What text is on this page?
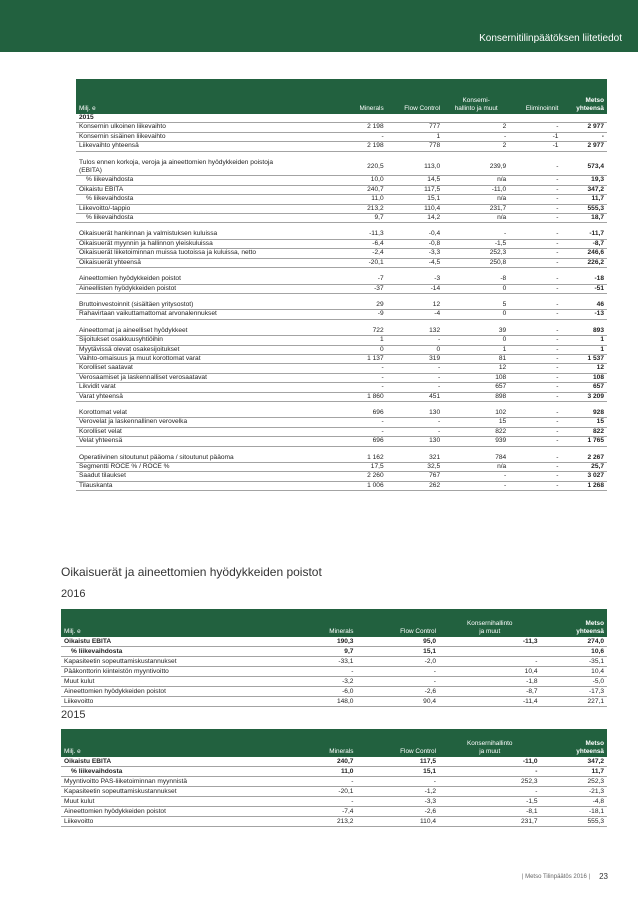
Konsernitilinpäätöksen liitetiedot
Milj. e	Minerals	Flow Control	Konserni-
hallinto ja muut	Eliminoinnit	Metso
yhteensä
2015					
Konsernin ulkoinen liikevaihto	2 198	777	2	-	2 977
Konsernin sisäinen liikevaihto	-	1	-	-1	-
Liikevaihto yhteensä	2 198	778	2	-1	2 977

Tulos ennen korkoja, veroja ja aineettomien hyödykkeiden poistoja
(EBITA)	220,5	113,0	239,9	-	573,4
% liikevaihdosta	10,0	14,5	n/a	-	19,3
Oikaistu EBITA	240,7	117,5	-11,0	-	347,2
% liikevaihdosta	11,0	15,1	n/a	-	11,7
Liikevoitto/-tappio	213,2	110,4	231,7	-	555,3
% liikevaihdosta	9,7	14,2	n/a	-	18,7

Oikaisuerät hankinnan ja valmistuksen kuluissa	-11,3	-0,4	-	-	-11,7
Oikaisuerät myynnin ja hallinnon yleiskuluissa	-6,4	-0,8	-1,5	-	-8,7
Oikaisuerät liiketoiminnan muissa tuotoissa ja kuluissa, netto	-2,4	-3,3	252,3	-	246,6
Oikaisuerät yhteensä	-20,1	-4,5	250,8	-	226,2

Aineettomien hyödykkeiden poistot	-7	-3	-8	-	-18
Aineellisten hyödykkeiden poistot	-37	-14	0	-	-51

Bruttoinvestoinnit (sisältäen yritysostot)	29	12	5	-	46
Rahavirtaan vaikuttamattomat arvonalennukset	-9	-4	0	-	-13

Aineettomat ja aineelliset hyödykkeet	722	132	39	-	893
Sijoitukset osakkuusyhtiöihin	1	-	0	-	1
Myytävissä olevat osakesijoitukset	0	0	1	-	1
Vaihto-omaisuus ja muut korottomat varat	1 137	319	81	-	1 537
Korolliset saatavat	-	-	12	-	12
Verosaamiset ja laskennalliset verosaatavat	-	-	108	-	108
Likvidit varat	-	-	657	-	657
Varat yhteensä	1 860	451	898	-	3 209

Korottomat velat	696	130	102	-	928
Verovelat ja laskennallinen verovelka	-	-	15	-	15
Korolliset velat	-	-	822	-	822
Velat yhteensä	696	130	939	-	1 765

Operatiivinen sitoutunut pääoma / sitoutunut pääoma	1 162	321	784	-	2 267
Segmentti ROCE % / ROCE %	17,5	32,5	n/a	-	25,7
Saadut tilaukset	2 260	767	-	-	3 027
Tilauskanta	1 006	262	-	-	1 268
Oikaisuerät ja aineettomien hyödykkeiden poistot
2016
Milj. e	Minerals	Flow Control	Konsernihallinto
ja muut	Metso
yhteensä
Oikaistu EBITA	190,3	95,0	-11,3	274,0
% liikevaihdosta	9,7	15,1		10,6
Kapasiteetin sopeuttamiskustannukset	-33,1	-2,0	-	-35,1
Pääkonttorin kiinteistön myyntivoitto	-	-	10,4	10,4
Muut kulut	-3,2	-	-1,8	-5,0
Aineettomien hyödykkeiden poistot	-6,0	-2,6	-8,7	-17,3
Liikevoitto	148,0	90,4	-11,4	227,1
2015
Milj. e	Minerals	Flow Control	Konsernihallinto
ja muut	Metso
yhteensä
Oikaistu EBITA	240,7	117,5	-11,0	347,2
% liikevaihdosta	11,0	15,1	-	11,7
Myyntivoitto PAS-liiketoiminnan myynnistä	-	-	252,3	252,3
Kapasiteetin sopeuttamiskustannukset	-20,1	-1,2	-	-21,3
Muut kulut	-	-3,3	-1,5	-4,8
Aineettomien hyödykkeiden poistot	-7,4	-2,6	-8,1	-18,1
Liikevoitto	213,2	110,4	231,7	555,3
| Metso Tilinpäätös 2016 | 23
